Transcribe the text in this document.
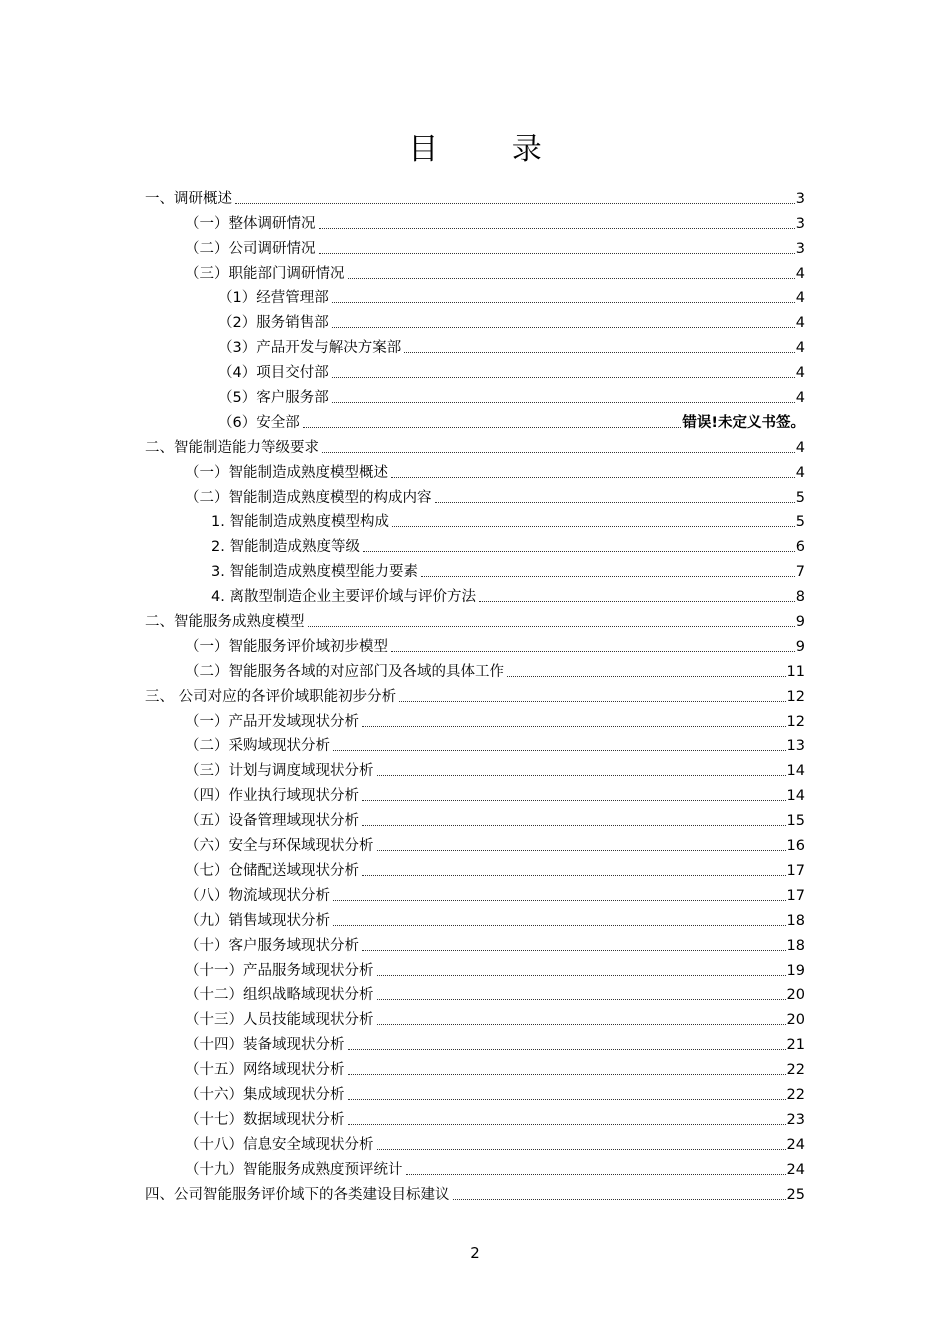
目 录
一、调研概述	3
（一）整体调研情况	3
（二）公司调研情况	3
（三）职能部门调研情况	4
（1）经营管理部	4
（2）服务销售部	4
（3）产品开发与解决方案部	4
（4）项目交付部	4
（5）客户服务部	4
（6）安全部	错误!未定义书签。
二、智能制造能力等级要求	4
（一）智能制造成熟度模型概述	4
（二）智能制造成熟度模型的构成内容	5
1. 智能制造成熟度模型构成	5
2. 智能制造成熟度等级	6
3. 智能制造成熟度模型能力要素	7
4. 离散型制造企业主要评价域与评价方法	8
二、智能服务成熟度模型	9
（一）智能服务评价域初步模型	9
（二）智能服务各域的对应部门及各域的具体工作	11
三、 公司对应的各评价域职能初步分析	12
（一）产品开发域现状分析	12
（二）采购域现状分析	13
（三）计划与调度域现状分析	14
（四）作业执行域现状分析	14
（五）设备管理域现状分析	15
（六）安全与环保域现状分析	16
（七）仓储配送域现状分析	17
（八）物流域现状分析	17
（九）销售域现状分析	18
（十）客户服务域现状分析	18
（十一）产品服务域现状分析	19
（十二）组织战略域现状分析	20
（十三）人员技能域现状分析	20
（十四）装备域现状分析	21
（十五）网络域现状分析	22
（十六）集成域现状分析	22
（十七）数据域现状分析	23
（十八）信息安全域现状分析	24
（十九）智能服务成熟度预评统计	24
四、公司智能服务评价域下的各类建设目标建议	25
2
